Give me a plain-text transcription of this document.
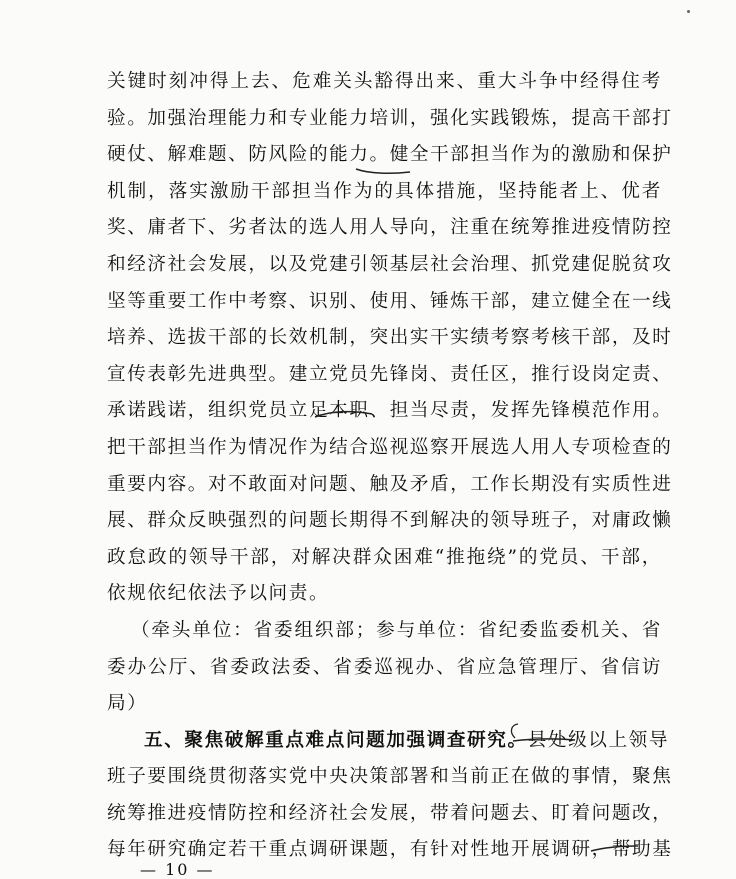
关键时刻冲得上去、危难关头豁得出来、重大斗争中经得住考
验。加强治理能力和专业能力培训，强化实践锻炼，提高干部打
硬仗、解难题、防风险的能力。健全干部担当作为的激励和保护
机制，落实激励干部担当作为的具体措施，坚持能者上、优者
奖、庸者下、劣者汰的选人用人导向，注重在统筹推进疫情防控
和经济社会发展，以及党建引领基层社会治理、抓党建促脱贫攻
坚等重要工作中考察、识别、使用、锤炼干部，建立健全在一线
培养、选拔干部的长效机制，突出实干实绩考察考核干部，及时
宣传表彰先进典型。建立党员先锋岗、责任区，推行设岗定责、
承诺践诺，组织党员立足本职、担当尽责，发挥先锋模范作用。
把干部担当作为情况作为结合巡视巡察开展选人用人专项检查的
重要内容。对不敢面对问题、触及矛盾，工作长期没有实质性进
展、群众反映强烈的问题长期得不到解决的领导班子，对庸政懒
政怠政的领导干部，对解决群众困难“推拖绕”的党员、干部，
依规依纪依法予以问责。
（牵头单位：省委组织部；参与单位：省纪委监委机关、省
委办公厅、省委政法委、省委巡视办、省应急管理厅、省信访
局）
五、聚焦破解重点难点问题加强调查研究。县处级以上领导
班子要围绕贯彻落实党中央决策部署和当前正在做的事情，聚焦
统筹推进疫情防控和经济社会发展，带着问题去、盯着问题改，
每年研究确定若干重点调研课题，有针对性地开展调研，帮助基
— 10 —
